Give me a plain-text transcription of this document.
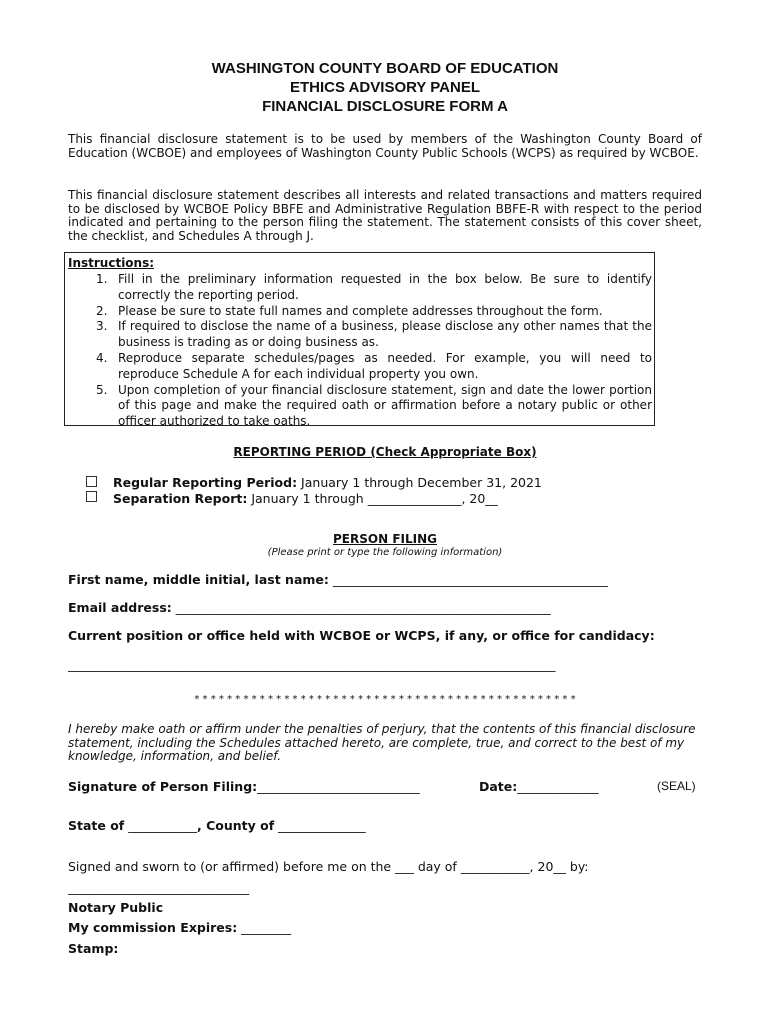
WASHINGTON COUNTY BOARD OF EDUCATION
ETHICS ADVISORY PANEL
FINANCIAL DISCLOSURE FORM A
This financial disclosure statement is to be used by members of the Washington County Board of Education (WCBOE) and employees of Washington County Public Schools (WCPS) as required by WCBOE.
This financial disclosure statement describes all interests and related transactions and matters required to be disclosed by WCBOE Policy BBFE and Administrative Regulation BBFE-R with respect to the period indicated and pertaining to the person filing the statement. The statement consists of this cover sheet, the checklist, and Schedules A through J.
Instructions:
1. Fill in the preliminary information requested in the box below. Be sure to identify correctly the reporting period.
2. Please be sure to state full names and complete addresses throughout the form.
3. If required to disclose the name of a business, please disclose any other names that the business is trading as or doing business as.
4. Reproduce separate schedules/pages as needed. For example, you will need to reproduce Schedule A for each individual property you own.
5. Upon completion of your financial disclosure statement, sign and date the lower portion of this page and make the required oath or affirmation before a notary public or other officer authorized to take oaths.
REPORTING PERIOD (Check Appropriate Box)
Regular Reporting Period: January 1 through December 31, 2021
Separation Report: January 1 through _______________, 20__
PERSON FILING
(Please print or type the following information)
First name, middle initial, last name: ____________________________________________
Email address: ____________________________________________________________
Current position or office held with WCBOE or WCPS, if any, or office for candidacy:
______________________________________________________________________________
* * * * * * * * * * * * * * * * * * * * * * * * * * * * * * * * * * * * * * * * * * * * * * *
I hereby make oath or affirm under the penalties of perjury, that the contents of this financial disclosure statement, including the Schedules attached hereto, are complete, true, and correct to the best of my knowledge, information, and belief.
Signature of Person Filing:__________________________	Date:_____________	(SEAL)
State of ___________, County of ______________
Signed and sworn to (or affirmed) before me on the ___ day of ___________, 20__ by:
_____________________________
Notary Public
My commission Expires: ________
Stamp:
